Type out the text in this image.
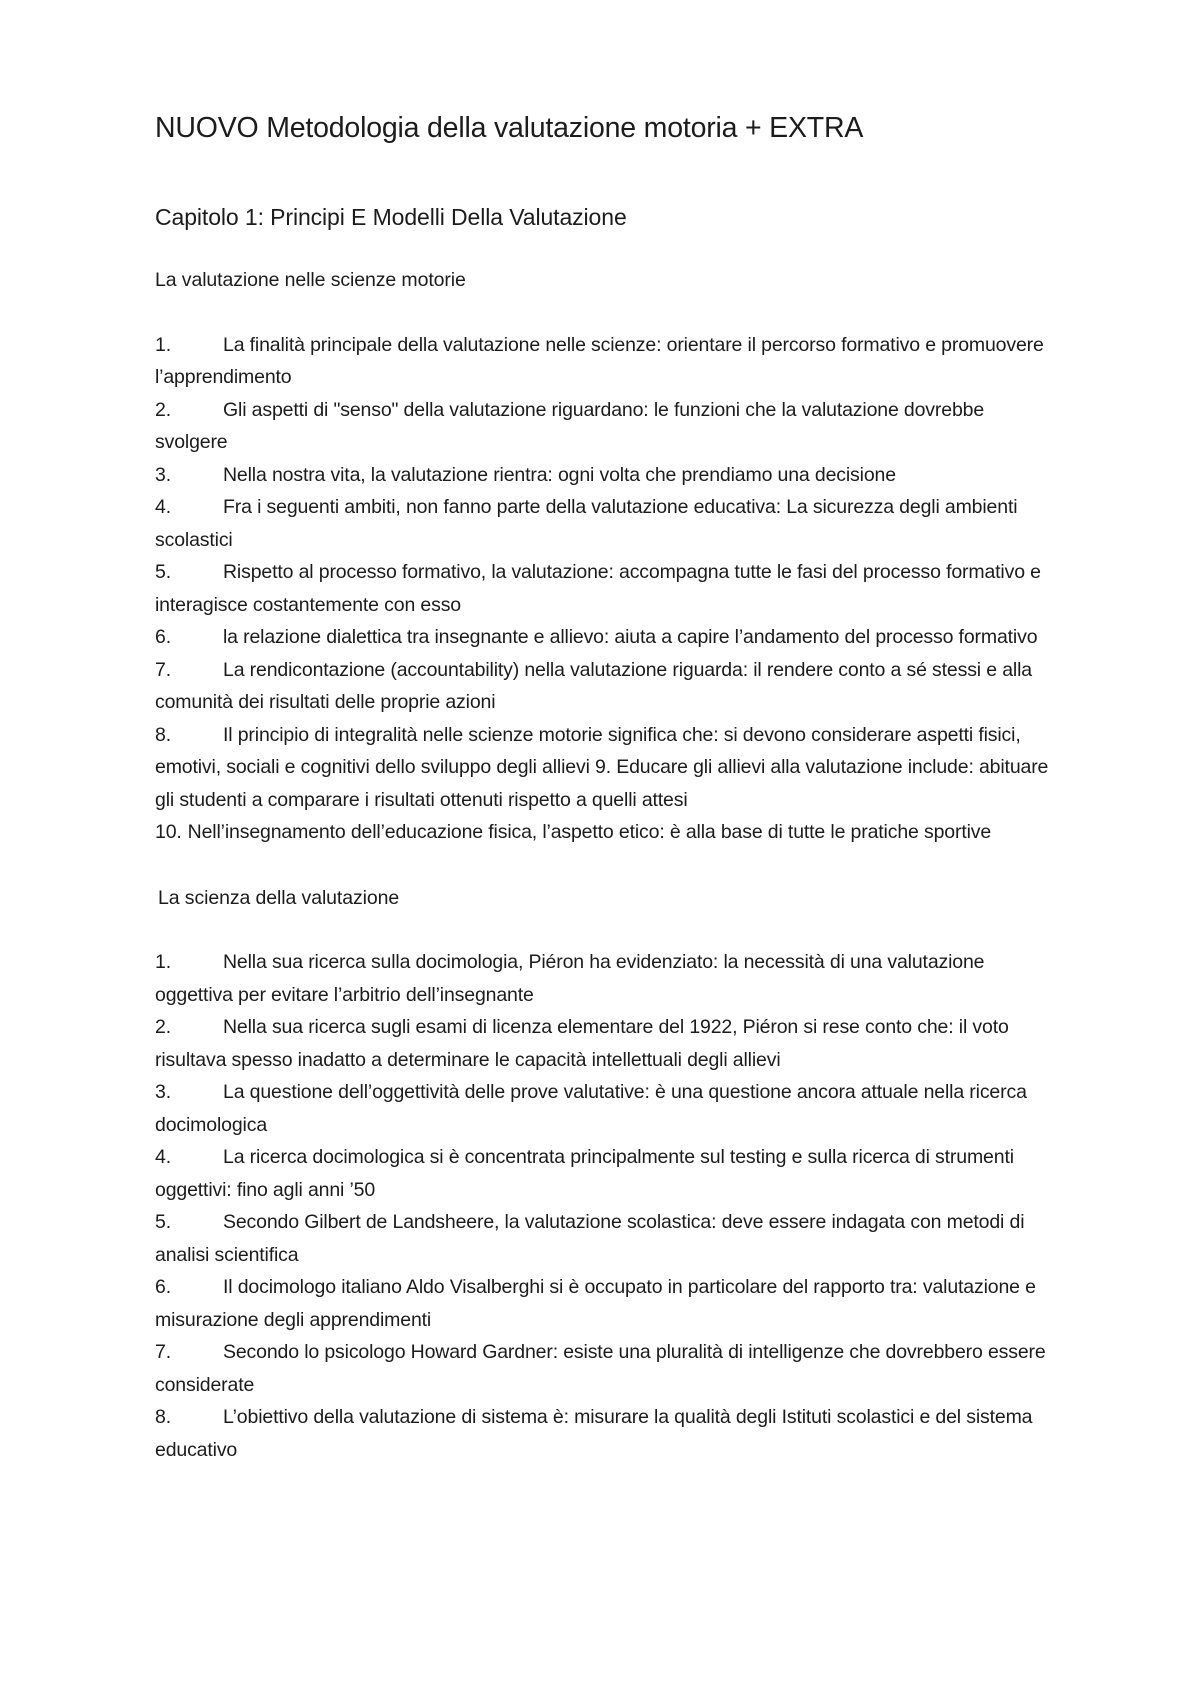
NUOVO Metodologia della valutazione motoria + EXTRA
Capitolo 1: Principi E Modelli Della Valutazione

La valutazione nelle scienze motorie

1.	La finalità principale della valutazione nelle scienze: orientare il percorso formativo e promuovere l’apprendimento
2.	Gli aspetti di "senso" della valutazione riguardano: le funzioni che la valutazione dovrebbe svolgere
3.	Nella nostra vita, la valutazione rientra: ogni volta che prendiamo una decisione
4.	Fra i seguenti ambiti, non fanno parte della valutazione educativa: La sicurezza degli ambienti scolastici
5.	Rispetto al processo formativo, la valutazione: accompagna tutte le fasi del processo formativo e interagisce costantemente con esso
6.	la relazione dialettica tra insegnante e allievo: aiuta a capire l’andamento del processo formativo
7.	La rendicontazione (accountability) nella valutazione riguarda: il rendere conto a sé stessi e alla comunità dei risultati delle proprie azioni
8.	Il principio di integralità nelle scienze motorie significa che: si devono considerare aspetti fisici, emotivi, sociali e cognitivi dello sviluppo degli allievi 9. Educare gli allievi alla valutazione include: abituare gli studenti a comparare i risultati ottenuti rispetto a quelli attesi
10. Nell’insegnamento dell’educazione fisica, l’aspetto etico: è alla base di tutte le pratiche sportive

La scienza della valutazione

1.	Nella sua ricerca sulla docimologia, Piéron ha evidenziato: la necessità di una valutazione oggettiva per evitare l’arbitrio dell’insegnante
2.	Nella sua ricerca sugli esami di licenza elementare del 1922, Piéron si rese conto che: il voto risultava spesso inadatto a determinare le capacità intellettuali degli allievi
3.	La questione dell’oggettività delle prove valutative: è una questione ancora attuale nella ricerca docimologica
4.	La ricerca docimologica si è concentrata principalmente sul testing e sulla ricerca di strumenti oggettivi: fino agli anni ’50
5.	Secondo Gilbert de Landsheere, la valutazione scolastica: deve essere indagata con metodi di analisi scientifica
6.	Il docimologo italiano Aldo Visalberghi si è occupato in particolare del rapporto tra: valutazione e misurazione degli apprendimenti
7.	Secondo lo psicologo Howard Gardner: esiste una pluralità di intelligenze che dovrebbero essere considerate
8.	L’obiettivo della valutazione di sistema è: misurare la qualità degli Istituti scolastici e del sistema educativo
